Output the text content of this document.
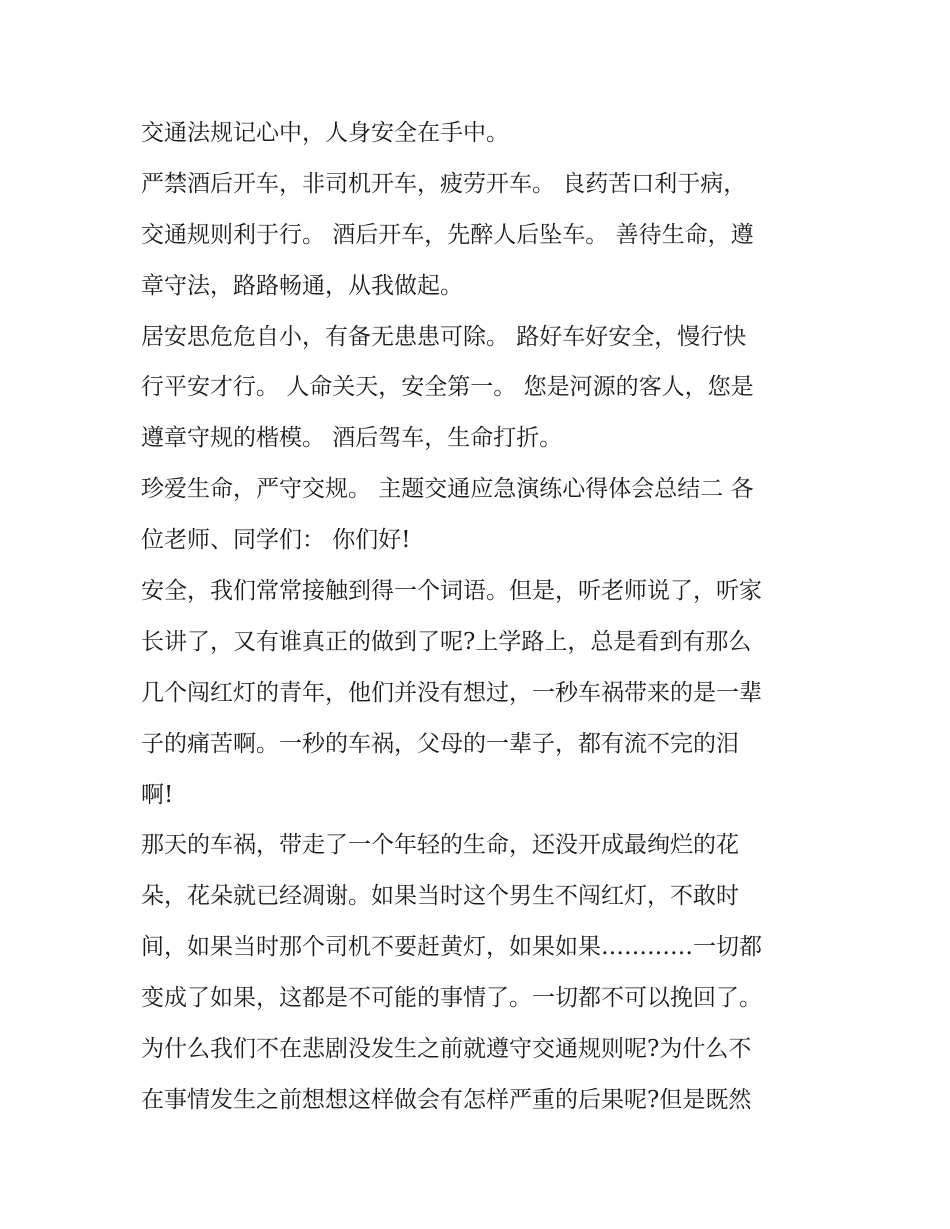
交通法规记心中，人身安全在手中。
严禁酒后开车，非司机开车，疲劳开车。 良药苦口利于病，
交通规则利于行。 酒后开车，先醉人后坠车。 善待生命，遵
章守法，路路畅通，从我做起。
居安思危危自小，有备无患患可除。 路好车好安全，慢行快
行平安才行。 人命关天，安全第一。 您是河源的客人，您是
遵章守规的楷模。 酒后驾车，生命打折。
珍爱生命，严守交规。 主题交通应急演练心得体会总结二 各
位老师、同学们： 你们好!
安全，我们常常接触到得一个词语。但是，听老师说了，听家
长讲了，又有谁真正的做到了呢?上学路上，总是看到有那么
几个闯红灯的青年，他们并没有想过，一秒车祸带来的是一辈
子的痛苦啊。一秒的车祸，父母的一辈子，都有流不完的泪
啊!
那天的车祸，带走了一个年轻的生命，还没开成最绚烂的花
朵，花朵就已经凋谢。如果当时这个男生不闯红灯，不敢时
间，如果当时那个司机不要赶黄灯，如果如果…………一切都
变成了如果，这都是不可能的事情了。一切都不可以挽回了。
为什么我们不在悲剧没发生之前就遵守交通规则呢?为什么不
在事情发生之前想想这样做会有怎样严重的后果呢?但是既然
